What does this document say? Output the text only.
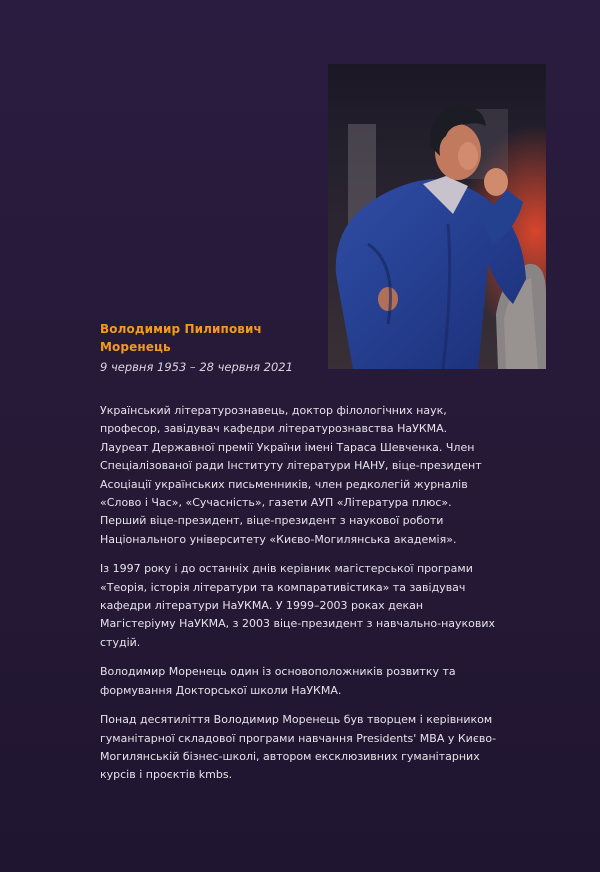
Володимир Пилипович
Моренець
9 червня 1953 – 28 червня 2021

Український літературознавець, доктор філологічних наук, професор, завідувач кафедри літературознавства НаУКМА. Лауреат Державної премії України імені Тараса Шевченка. Член Спеціалізованої ради Інституту літератури НАНУ, віце-президент Асоціації українських письменників, член редколегій журналів «Слово і Час», «Сучасність», газети АУП «Література плюс». Перший віце-президент, віце-президент з наукової роботи Національного університету «Києво-Могилянська академія».

Із 1997 року і до останніх днів керівник магістерської програми «Теорія, історія літератури та компаративістика» та завідувач кафедри літератури НаУКМА. У 1999–2003 роках декан Магістеріуму НаУКМА, з 2003 віце-президент з навчально-наукових студій.

Володимир Моренець один із основоположників розвитку та формування Докторської школи НаУКМА.

Понад десятиліття Володимир Моренець був творцем і керівником гуманітарної складової програми навчання Presidents' MBA у Києво-Могилянській бізнес-школі, автором ексклюзивних гуманітарних курсів і проєктів kmbs.
